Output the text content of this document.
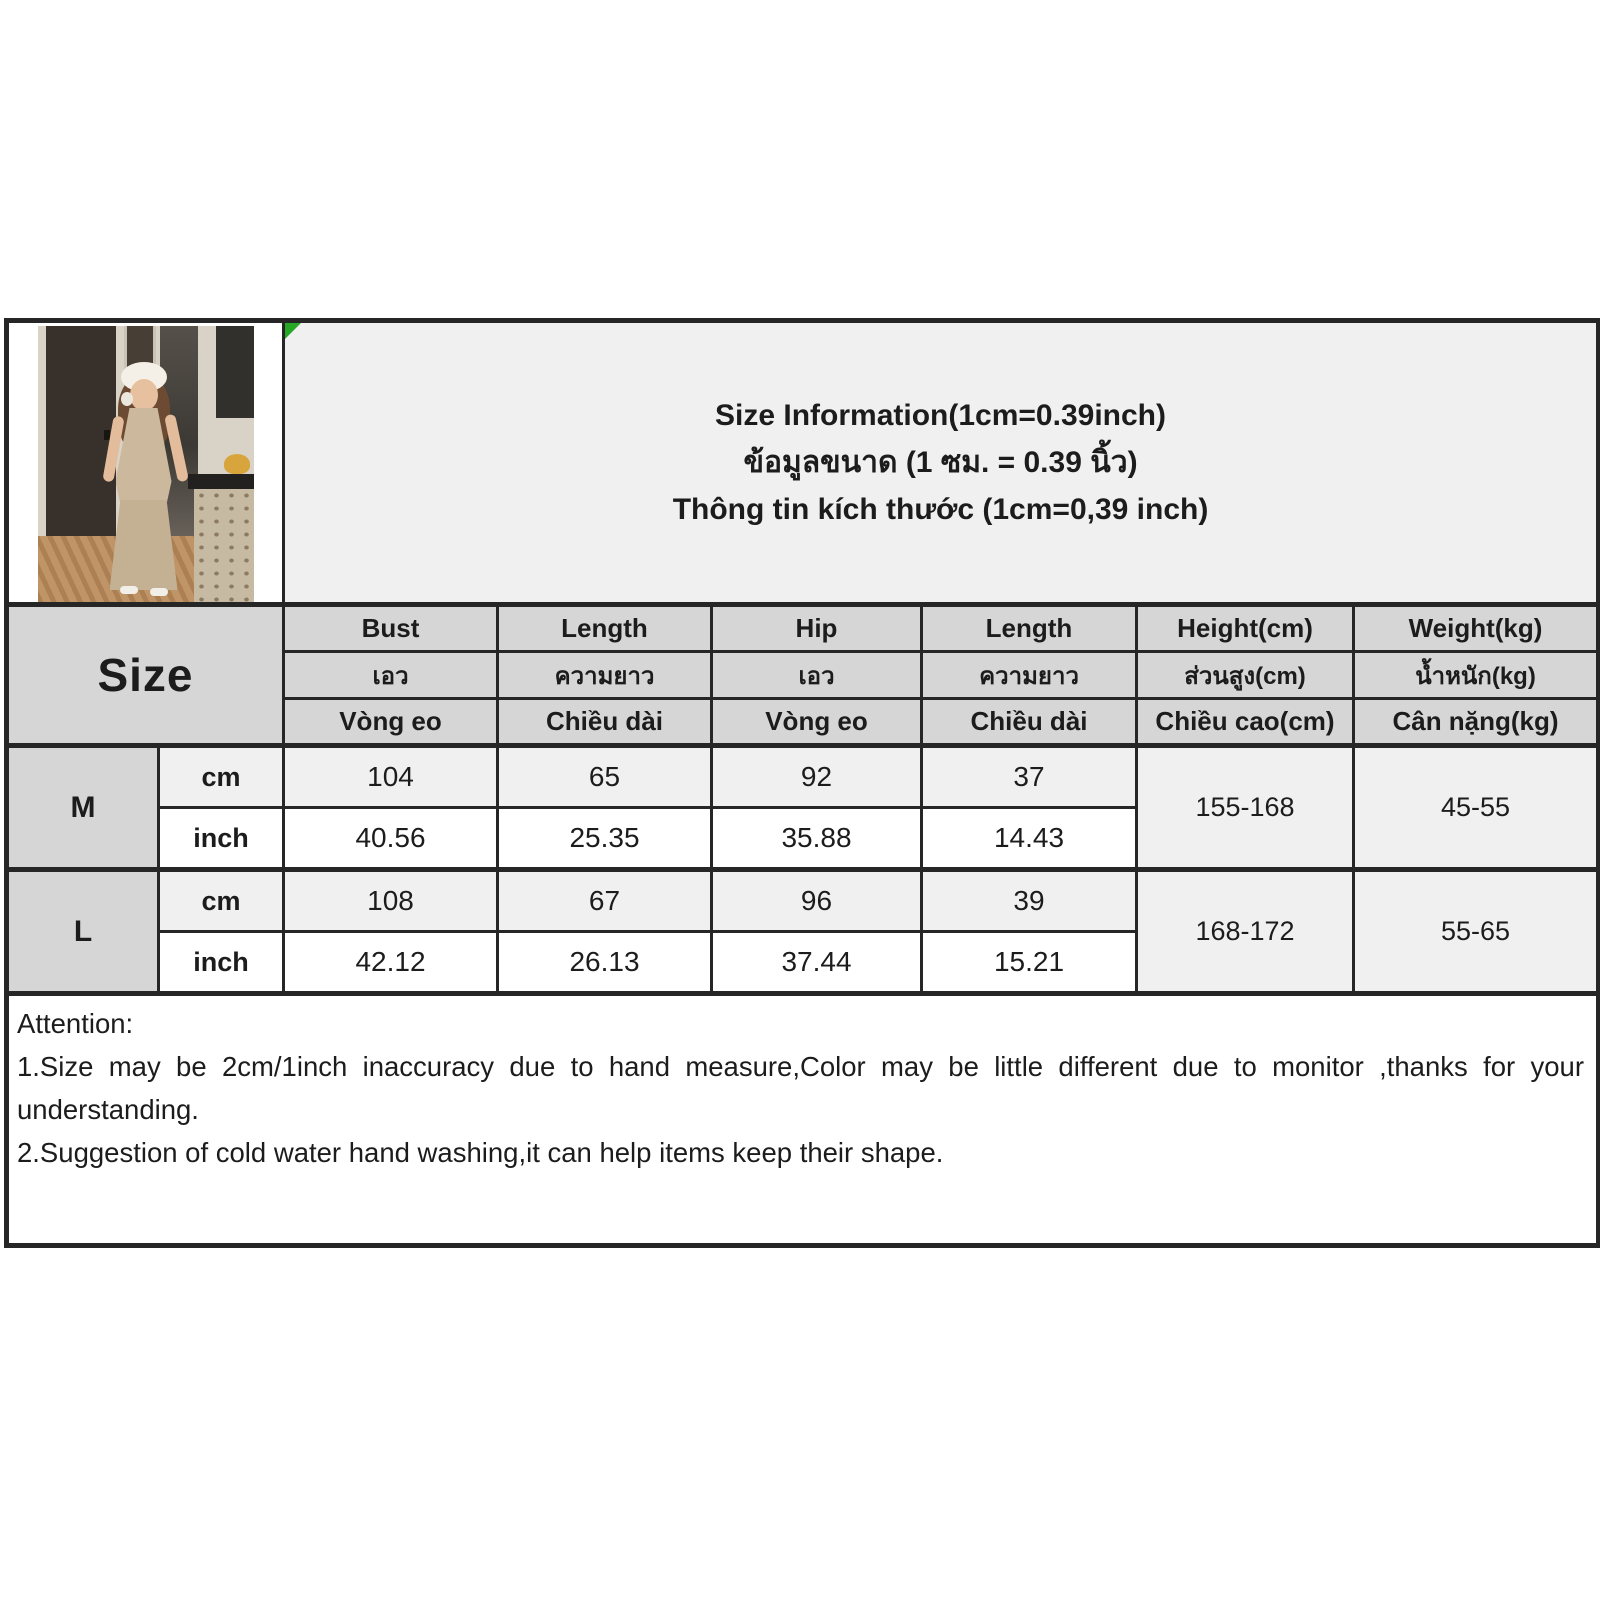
		Size Information(1cm=0.39inch)
ข้อมูลขนาด (1 ซม. = 0.39 นิ้ว)
Thông tin kích thước (1cm=0,39 inch)					

Size		Bust	Length	Hip	Length	Height(cm)	Weight(kg)
		เอว	ความยาว	เอว	ความยาว	ส่วนสูง(cm)	น้ำหนัก(kg)
		Vòng eo	Chiều dài	Vòng eo	Chiều dài	Chiều cao(cm)	Cân nặng(kg)
M	cm	104	65	92	37	155-168	45-55
	inch	40.56	25.35	35.88	14.43		
L	cm	108	67	96	39	168-172	55-65
	inch	42.12	26.13	37.44	15.21		

Attention:
1.Size may be 2cm/1inch inaccuracy due to hand measure,Color may be little different due to monitor ,thanks for your understanding.
2.Suggestion of cold water hand washing,it can help items keep their shape.							
